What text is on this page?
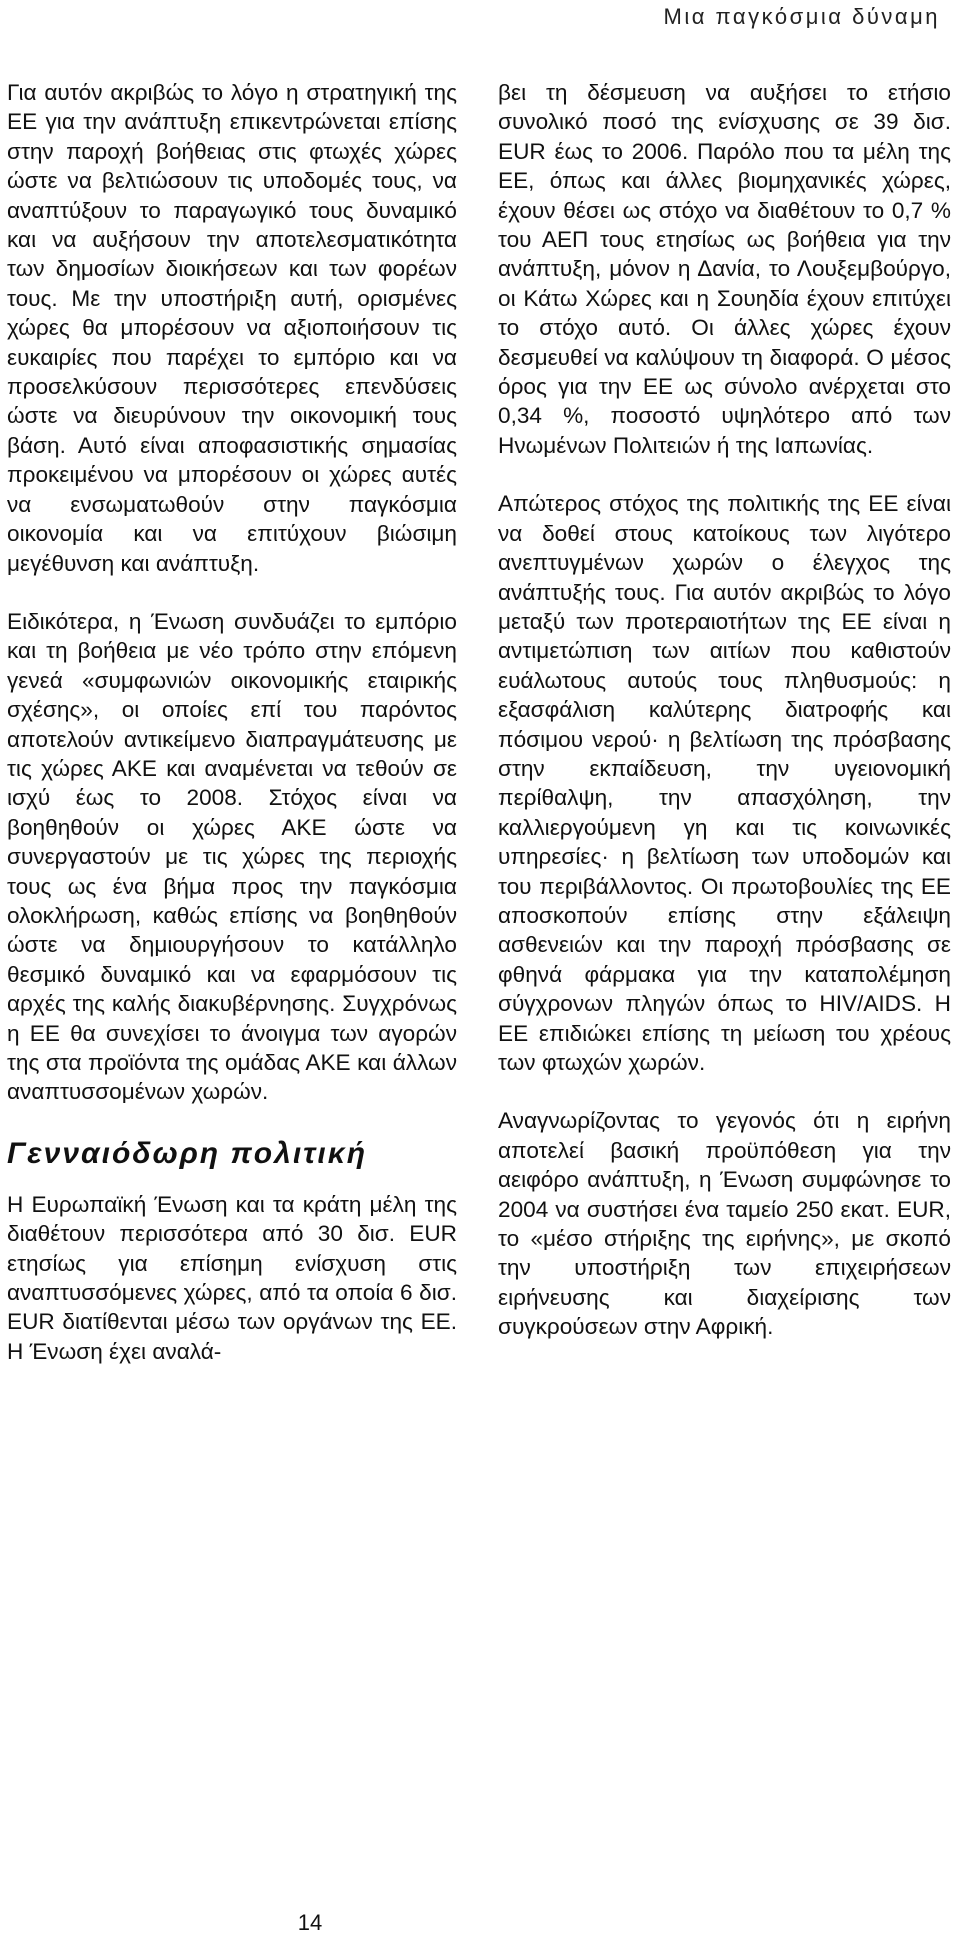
Μια παγκόσμια δύναμη

Για αυτόν ακριβώς το λόγο η στρατηγική της ΕΕ για την ανάπτυξη επικεντρώνεται επίσης στην παροχή βοήθειας στις φτωχές χώρες ώστε να βελτιώσουν τις υποδομές τους, να αναπτύξουν το παραγωγικό τους δυναμικό και να αυξήσουν την αποτελεσματικότητα των δημοσίων διοικήσεων και των φορέων τους. Με την υποστήριξη αυτή, ορισμένες χώρες θα μπορέσουν να αξιοποιήσουν τις ευκαιρίες που παρέχει το εμπόριο και να προσελκύσουν περισσότερες επενδύσεις ώστε να διευρύνουν την οικονομική τους βάση. Αυτό είναι αποφασιστικής σημασίας προκειμένου να μπορέσουν οι χώρες αυτές να ενσωματωθούν στην παγκόσμια οικονομία και να επιτύχουν βιώσιμη μεγέθυνση και ανάπτυξη.

Ειδικότερα, η Ένωση συνδυάζει το εμπόριο και τη βοήθεια με νέο τρόπο στην επόμενη γενεά «συμφωνιών οικονομικής εταιρικής σχέσης», οι οποίες επί του παρόντος αποτελούν αντικείμενο διαπραγμάτευσης με τις χώρες ΑΚΕ και αναμένεται να τεθούν σε ισχύ έως το 2008. Στόχος είναι να βοηθηθούν οι χώρες ΑΚΕ ώστε να συνεργαστούν με τις χώρες της περιοχής τους ως ένα βήμα προς την παγκόσμια ολοκλήρωση, καθώς επίσης να βοηθηθούν ώστε να δημιουργήσουν το κατάλληλο θεσμικό δυναμικό και να εφαρμόσουν τις αρχές της καλής διακυβέρνησης. Συγχρόνως η ΕΕ θα συνεχίσει το άνοιγμα των αγορών της στα προϊόντα της ομάδας ΑΚΕ και άλλων αναπτυσσομένων χωρών.

Γενναιόδωρη πολιτική

Η Ευρωπαϊκή Ένωση και τα κράτη μέλη της διαθέτουν περισσότερα από 30 δισ. EUR ετησίως για επίσημη ενίσχυση στις αναπτυσσόμενες χώρες, από τα οποία 6 δισ. EUR διατίθενται μέσω των οργάνων της ΕΕ. Η Ένωση έχει αναλά-

βει τη δέσμευση να αυξήσει το ετήσιο συνολικό ποσό της ενίσχυσης σε 39 δισ. EUR έως το 2006. Παρόλο που τα μέλη της ΕΕ, όπως και άλλες βιομηχανικές χώρες, έχουν θέσει ως στόχο να διαθέτουν το 0,7 % του ΑΕΠ τους ετησίως ως βοήθεια για την ανάπτυξη, μόνον η Δανία, το Λουξεμβούργο, οι Κάτω Χώρες και η Σουηδία έχουν επιτύχει το στόχο αυτό. Οι άλλες χώρες έχουν δεσμευθεί να καλύψουν τη διαφορά. Ο μέσος όρος για την ΕΕ ως σύνολο ανέρχεται στο 0,34 %, ποσοστό υψηλότερο από των Ηνωμένων Πολιτειών ή της Ιαπωνίας.

Απώτερος στόχος της πολιτικής της ΕΕ είναι να δοθεί στους κατοίκους των λιγότερο ανεπτυγμένων χωρών ο έλεγχος της ανάπτυξής τους. Για αυτόν ακριβώς το λόγο μεταξύ των προτεραιοτήτων της ΕΕ είναι η αντιμετώπιση των αιτίων που καθιστούν ευάλωτους αυτούς τους πληθυσμούς: η εξασφάλιση καλύτερης διατροφής και πόσιμου νερού· η βελτίωση της πρόσβασης στην εκπαίδευση, την υγειονομική περίθαλψη, την απασχόληση, την καλλιεργούμενη γη και τις κοινωνικές υπηρεσίες· η βελτίωση των υποδομών και του περιβάλλοντος. Οι πρωτοβουλίες της ΕΕ αποσκοπούν επίσης στην εξάλειψη ασθενειών και την παροχή πρόσβασης σε φθηνά φάρμακα για την καταπολέμηση σύγχρονων πληγών όπως το HIV/AIDS. Η ΕΕ επιδιώκει επίσης τη μείωση του χρέους των φτωχών χωρών.

Αναγνωρίζοντας το γεγονός ότι η ειρήνη αποτελεί βασική προϋπόθεση για την αειφόρο ανάπτυξη, η Ένωση συμφώνησε το 2004 να συστήσει ένα ταμείο 250 εκατ. EUR, το «μέσο στήριξης της ειρήνης», με σκοπό την υποστήριξη των επιχειρήσεων ειρήνευσης και διαχείρισης των συγκρούσεων στην Αφρική.

14
